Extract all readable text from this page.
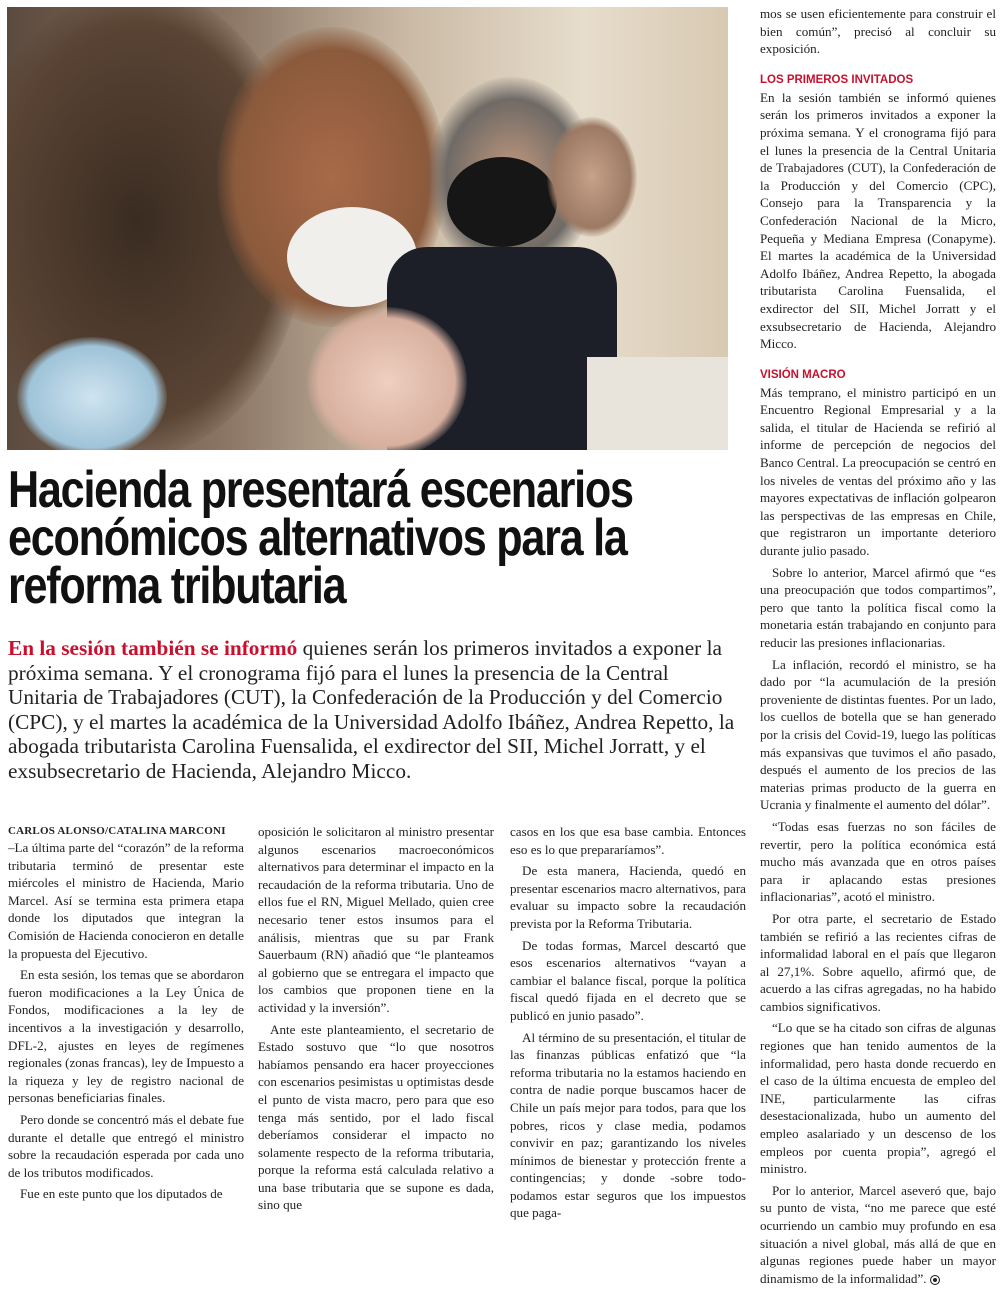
Hacienda presentará escenarios
económicos alternativos para la
reforma tributaria
En la sesión también se informó quienes serán los primeros invitados a exponer la próxima semana. Y el cronograma fijó para el lunes la presencia de la Central Unitaria de Trabajadores (CUT), la Confederación de la Producción y del Comercio (CPC), y el martes la académica de la Universidad Adolfo Ibáñez, Andrea Repetto, la abogada tributarista Carolina Fuensalida, el exdirector del SII, Michel Jorratt, y el exsubsecretario de Hacienda, Alejandro Micco.
CARLOS ALONSO/CATALINA MARCONI

–La última parte del “corazón” de la reforma tributaria terminó de presentar este miércoles el ministro de Hacienda, Mario Marcel. Así se termina esta primera etapa donde los diputados que integran la Comisión de Hacienda conocieron en detalle la propuesta del Ejecutivo.

En esta sesión, los temas que se abordaron fueron modificaciones a la Ley Única de Fondos, modificaciones a la ley de incentivos a la investigación y desarrollo, DFL-2, ajustes en leyes de regímenes regionales (zonas francas), ley de Impuesto a la riqueza y ley de registro nacional de personas beneficiarias finales.

Pero donde se concentró más el debate fue durante el detalle que entregó el ministro sobre la recaudación esperada por cada uno de los tributos modificados.

Fue en este punto que los diputados de

oposición le solicitaron al ministro presentar algunos escenarios macroeconómicos alternativos para determinar el impacto en la recaudación de la reforma tributaria. Uno de ellos fue el RN, Miguel Mellado, quien cree necesario tener estos insumos para el análisis, mientras que su par Frank Sauerbaum (RN) añadió que “le planteamos al gobierno que se entregara el impacto que los cambios que proponen tiene en la actividad y la inversión”.

Ante este planteamiento, el secretario de Estado sostuvo que “lo que nosotros habíamos pensando era hacer proyecciones con escenarios pesimistas u optimistas desde el punto de vista macro, pero para que eso tenga más sentido, por el lado fiscal deberíamos considerar el impacto no solamente respecto de la reforma tributaria, porque la reforma está calculada relativo a una base tributaria que se supone es dada, sino que

casos en los que esa base cambia. Entonces eso es lo que prepararíamos”.

De esta manera, Hacienda, quedó en presentar escenarios macro alternativos, para evaluar su impacto sobre la recaudación prevista por la Reforma Tributaria.

De todas formas, Marcel descartó que esos escenarios alternativos “vayan a cambiar el balance fiscal, porque la política fiscal quedó fijada en el decreto que se publicó en junio pasado”.

Al término de su presentación, el titular de las finanzas públicas enfatizó que “la reforma tributaria no la estamos haciendo en contra de nadie porque buscamos hacer de Chile un país mejor para todos, para que los pobres, ricos y clase media, podamos convivir en paz; garantizando los niveles mínimos de bienestar y protección frente a contingencias; y donde -sobre todo- podamos estar seguros que los impuestos que paga-

mos se usen eficientemente para construir el bien común”, precisó al concluir su exposición.

LOS PRIMEROS INVITADOS

En la sesión también se informó quienes serán los primeros invitados a exponer la próxima semana. Y el cronograma fijó para el lunes la presencia de la Central Unitaria de Trabajadores (CUT), la Confederación de la Producción y del Comercio (CPC), Consejo para la Transparencia y la Confederación Nacional de la Micro, Pequeña y Mediana Empresa (Conapyme). El martes la académica de la Universidad Adolfo Ibáñez, Andrea Repetto, la abogada tributarista Carolina Fuensalida, el exdirector del SII, Michel Jorratt y el exsubsecretario de Hacienda, Alejandro Micco.

VISIÓN MACRO

Más temprano, el ministro participó en un Encuentro Regional Empresarial y a la salida, el titular de Hacienda se refirió al informe de percepción de negocios del Banco Central. La preocupación se centró en los niveles de ventas del próximo año y las mayores expectativas de inflación golpearon las perspectivas de las empresas en Chile, que registraron un importante deterioro durante julio pasado.

Sobre lo anterior, Marcel afirmó que “es una preocupación que todos compartimos”, pero que tanto la política fiscal como la monetaria están trabajando en conjunto para reducir las presiones inflacionarias.

La inflación, recordó el ministro, se ha dado por “la acumulación de la presión proveniente de distintas fuentes. Por un lado, los cuellos de botella que se han generado por la crisis del Covid-19, luego las políticas más expansivas que tuvimos el año pasado, después el aumento de los precios de las materias primas producto de la guerra en Ucrania y finalmente el aumento del dólar”.

“Todas esas fuerzas no son fáciles de revertir, pero la política económica está mucho más avanzada que en otros países para ir aplacando estas presiones inflacionarias”, acotó el ministro.

Por otra parte, el secretario de Estado también se refirió a las recientes cifras de informalidad laboral en el país que llegaron al 27,1%. Sobre aquello, afirmó que, de acuerdo a las cifras agregadas, no ha habido cambios significativos.

“Lo que se ha citado son cifras de algunas regiones que han tenido aumentos de la informalidad, pero hasta donde recuerdo en el caso de la última encuesta de empleo del INE, particularmente las cifras desestacionalizada, hubo un aumento del empleo asalariado y un descenso de los empleos por cuenta propia”, agregó el ministro.

Por lo anterior, Marcel aseveró que, bajo su punto de vista, “no me parece que esté ocurriendo un cambio muy profundo en esa situación a nivel global, más allá de que en algunas regiones puede haber un mayor dinamismo de la informalidad”.
